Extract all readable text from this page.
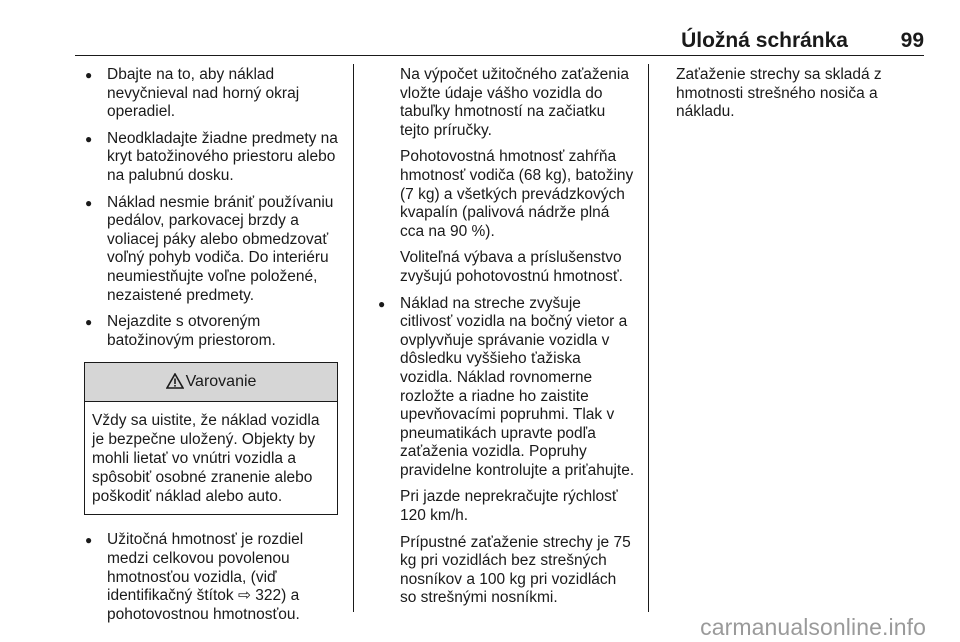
Úložná schránka	99
● Dbajte na to, aby náklad nevyčnieval nad horný okraj operadiel.
● Neodkladajte žiadne predmety na kryt batožinového priestoru alebo na palubnú dosku.
● Náklad nesmie brániť používaniu pedálov, parkovacej brzdy a voliacej páky alebo obmedzovať voľný pohyb vodiča. Do interiéru neumiestňujte voľne položené, nezaistené predmety.
● Nejazdite s otvoreným batožinovým priestorom.
Varovanie
Vždy sa uistite, že náklad vozidla je bezpečne uložený. Objekty by mohli lietať vo vnútri vozidla a spôsobiť osobné zranenie alebo poškodiť náklad alebo auto.
● Užitočná hmotnosť je rozdiel medzi celkovou povolenou hmotnosťou vozidla, (viď identifikačný štítok ⇨ 322) a pohotovostnou hmotnosťou.
Na výpočet užitočného zaťaženia vložte údaje vášho vozidla do tabuľky hmotností na začiatku tejto príručky.
Pohotovostná hmotnosť zahŕňa hmotnosť vodiča (68 kg), batožiny (7 kg) a všetkých prevádzkových kvapalín (palivová nádrže plná cca na 90 %).
Voliteľná výbava a príslušenstvo zvyšujú pohotovostnú hmotnosť.
● Náklad na streche zvyšuje citlivosť vozidla na bočný vietor a ovplyvňuje správanie vozidla v dôsledku vyššieho ťažiska vozidla. Náklad rovnomerne rozložte a riadne ho zaistite upevňovacími popruhmi. Tlak v pneumatikách upravte podľa zaťaženia vozidla. Popruhy pravidelne kontrolujte a priťahujte.
Pri jazde neprekračujte rýchlosť 120 km/h.
Prípustné zaťaženie strechy je 75 kg pri vozidlách bez strešných nosníkov a 100 kg pri vozidlách so strešnými nosníkmi.
Zaťaženie strechy sa skladá z hmotnosti strešného nosiča a nákladu.
carmanualsonline.info
